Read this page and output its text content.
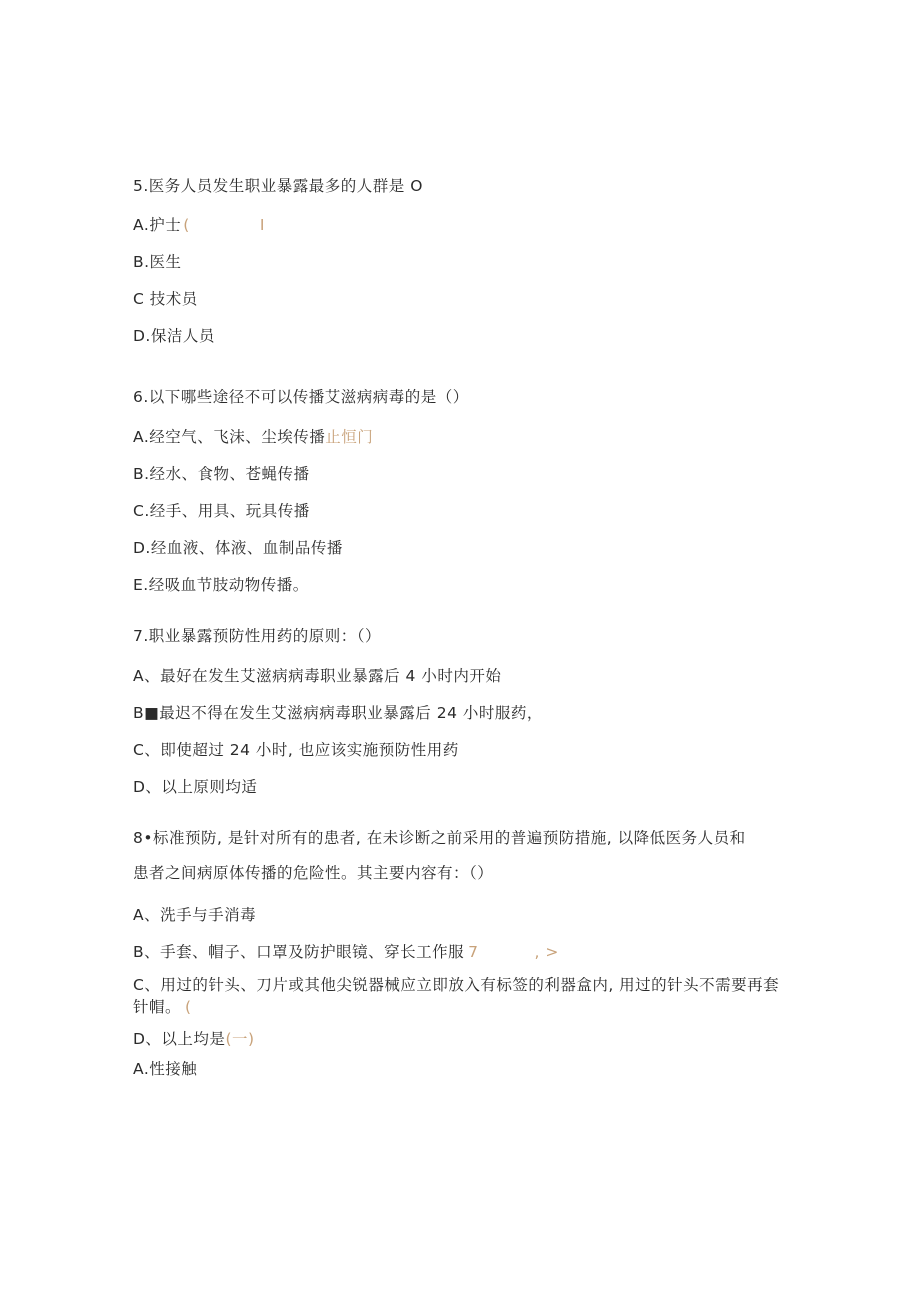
5.医务人员发生职业暴露最多的人群是 O
A.护士 (	I
B.医生
C 技术员
D.保洁人员
6.以下哪些途径不可以传播艾滋病病毒的是（）
A.经空气、飞沫、尘埃传播止恒门
B.经水、食物、苍蝇传播
C.经手、用具、玩具传播
D.经血液、体液、血制品传播
E.经吸血节肢动物传播。
7.职业暴露预防性用药的原则：（）
A、最好在发生艾滋病病毒职业暴露后 4 小时内开始
B■最迟不得在发生艾滋病病毒职业暴露后 24 小时服药，
C、即使超过 24 小时, 也应该实施预防性用药
D、以上原则均适
8•标准预防, 是针对所有的患者, 在未诊断之前采用的普遍预防措施, 以降低医务人员和
患者之间病原体传播的危险性。其主要内容有：（）
A、洗手与手消毒
B、手套、帽子、口罩及防护眼镜、穿长工作服 7	, >
C、用过的针头、刀片或其他尖锐器械应立即放入有标签的利器盒内, 用过的针头不需要再套针帽。 (
D、以上均是(一)
A.性接触
